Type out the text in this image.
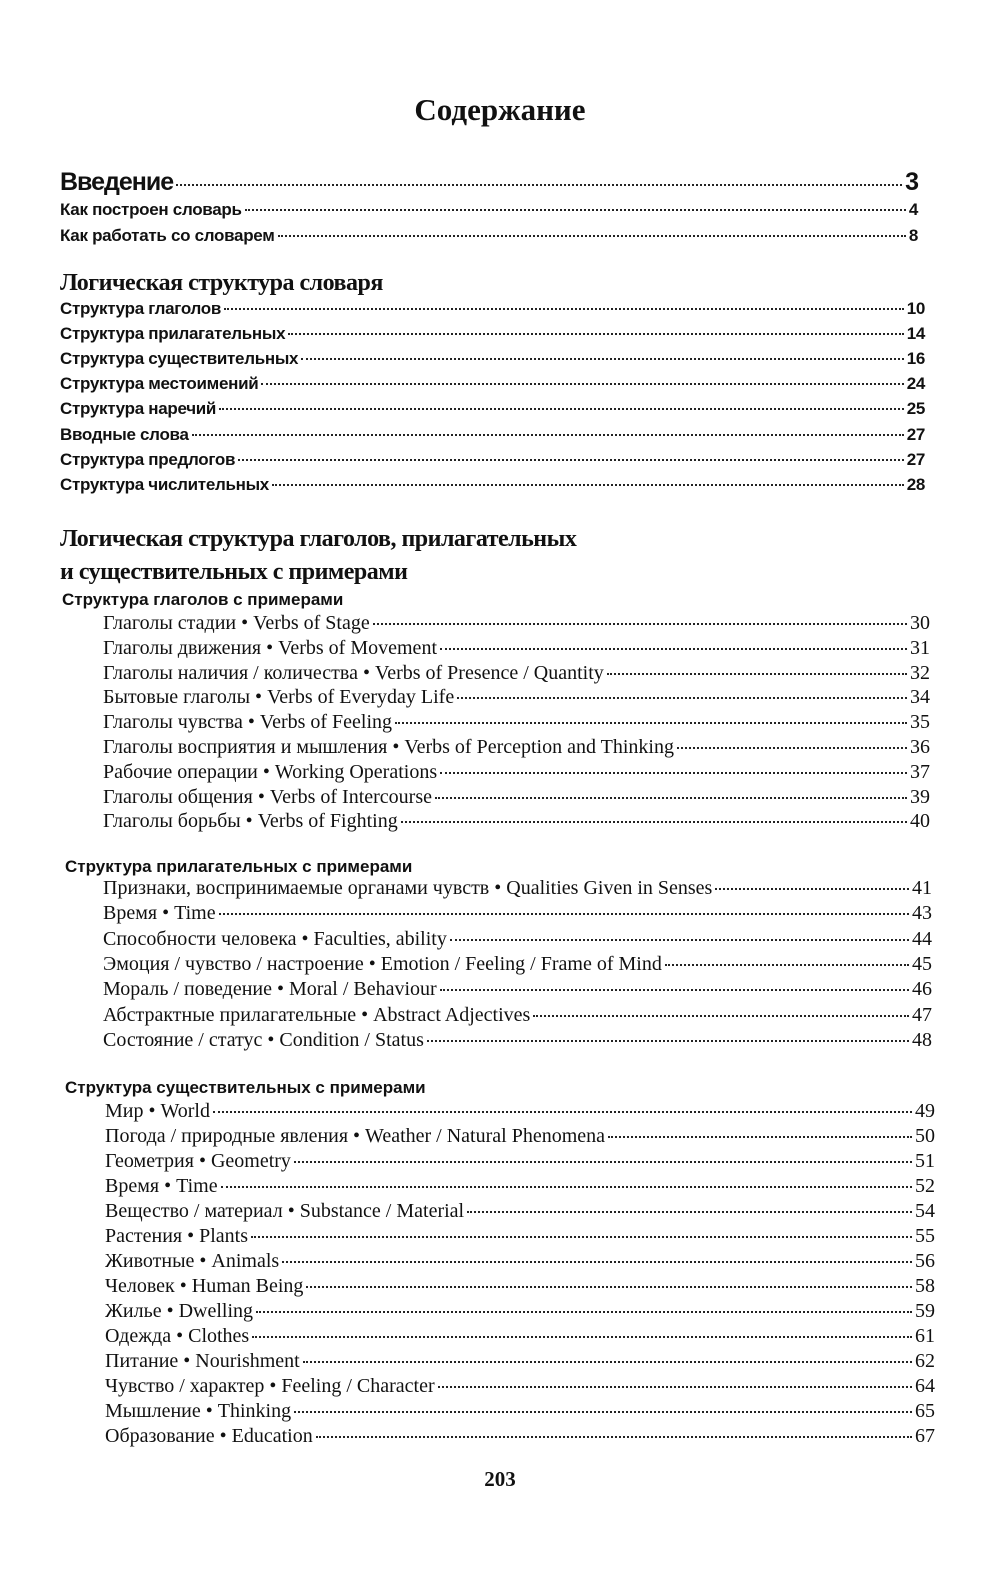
Содержание
Введение	3
Логическая структура словаря
Логическая структура глаголов, прилагательных
и существительных с примерами
Структура глаголов с примерами
Структура прилагательных с примерами
Структура существительных с примерами
Как построен словарь	4
Как работать со словарем	8
Структура глаголов	10
Структура прилагательных	14
Структура существительных	16
Структура местоимений	24
Структура наречий	25
Вводные слова	27
Структура предлогов	27
Структура числительных	28
Глаголы стадии • Verbs of Stage	30
Глаголы движения • Verbs of Movement	31
Глаголы наличия / количества • Verbs of Presence / Quantity	32
Бытовые глаголы • Verbs of Everyday Life	34
Глаголы чувства • Verbs of Feeling	35
Глаголы восприятия и мышления • Verbs of Perception and Thinking	36
Рабочие операции • Working Operations	37
Глаголы общения • Verbs of Intercourse	39
Глаголы борьбы • Verbs of Fighting	40
Признаки, воспринимаемые органами чувств • Qualities Given in Senses	41
Время • Time	43
Способности человека • Faculties, ability	44
Эмоция / чувство / настроение • Emotion / Feeling / Frame of Mind	45
Мораль / поведение • Moral / Behaviour	46
Абстрактные прилагательные • Abstract Adjectives	47
Состояние / статус • Condition / Status	48
Мир • World	49
Погода / природные явления • Weather / Natural Phenomena	50
Геометрия • Geometry	51
Время • Time	52
Вещество / материал • Substance / Material	54
Растения • Plants	55
Животные • Animals	56
Человек • Human Being	58
Жилье • Dwelling	59
Одежда • Clothes	61
Питание • Nourishment	62
Чувство / характер • Feeling / Character	64
Мышление • Thinking	65
Образование • Education	67
203
